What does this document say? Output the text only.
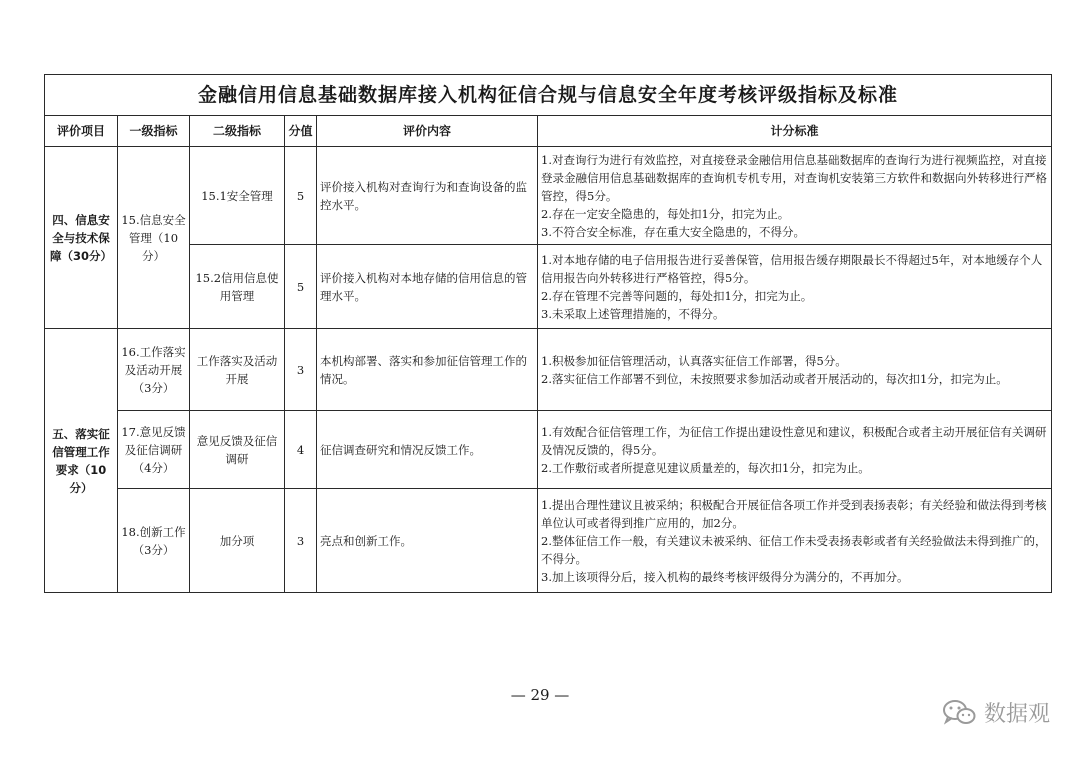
金融信用信息基础数据库接入机构征信合规与信息安全年度考核评级指标及标准					
评价项目	一级指标	二级指标	分值	评价内容	计分标准
四、信息安全与技术保障（30分）	15.信息安全管理（10分）	15.1安全管理	5	评价接入机构对查询行为和查询设备的监控水平。	1.对查询行为进行有效监控，对直接登录金融信用信息基础数据库的查询行为进行视频监控，对直接登录金融信用信息基础数据库的查询机专机专用，对查询机安装第三方软件和数据向外转移进行严格管控，得5分。
2.存在一定安全隐患的，每处扣1分，扣完为止。
3.不符合安全标准，存在重大安全隐患的，不得分。

		15.2信用信息使用管理	5	评价接入机构对本地存储的信用信息的管理水平。	1.对本地存储的电子信用报告进行妥善保管，信用报告缓存期限最长不得超过5年，对本地缓存个人信用报告向外转移进行严格管控，得5分。
2.存在管理不完善等问题的，每处扣1分，扣完为止。
3.未采取上述管理措施的，不得分。

五、落实征信管理工作要求（10分）	16.工作落实及活动开展（3分）	工作落实及活动开展	3	本机构部署、落实和参加征信管理工作的情况。	1.积极参加征信管理活动，认真落实征信工作部署，得5分。
2.落实征信工作部署不到位，未按照要求参加活动或者开展活动的，每次扣1分，扣完为止。

	17.意见反馈及征信调研（4分）	意见反馈及征信调研	4	征信调查研究和情况反馈工作。	1.有效配合征信管理工作，为征信工作提出建设性意见和建议，积极配合或者主动开展征信有关调研及情况反馈的，得5分。
2.工作敷衍或者所提意见建议质量差的，每次扣1分，扣完为止。

	18.创新工作（3分）	加分项	3	亮点和创新工作。	1.提出合理性建议且被采纳；积极配合开展征信各项工作并受到表扬表彰；有关经验和做法得到考核单位认可或者得到推广应用的，加2分。
2.整体征信工作一般，有关建议未被采纳、征信工作未受表扬表彰或者有关经验做法未得到推广的，不得分。
3.加上该项得分后，接入机构的最终考核评级得分为满分的，不再加分。
— 29 —
数据观
